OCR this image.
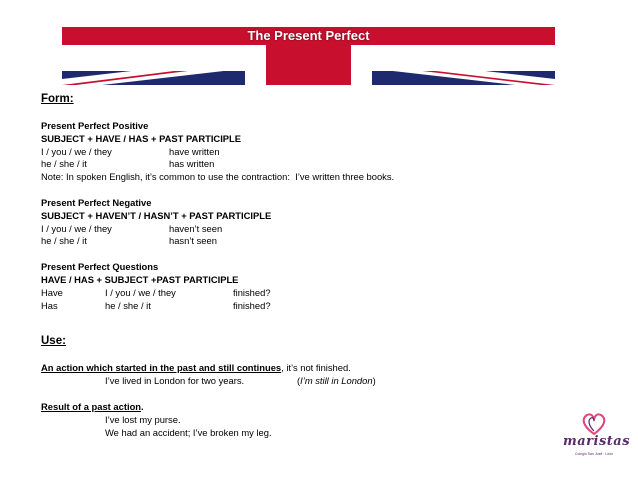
The Present Perfect
Form:
Present Perfect Positive
SUBJECT + HAVE / HAS + PAST PARTICIPLE
I / you / we / they	have written
he / she / it	has written
Note: In spoken English, it’s common to use the contraction:  I’ve written three books.
Present Perfect Negative
SUBJECT + HAVEN’T / HASN’T + PAST PARTICIPLE
I / you / we / they	haven’t seen
he / she / it	hasn’t seen
Present Perfect Questions
HAVE / HAS + SUBJECT +PAST PARTICIPLE
Have	I / you / we / they	finished?
Has	he / she / it	finished?
Use:
An action which started in the past and still continues, it’s not finished.
I’ve lived in London for two years.	(I’m still in London)
Result of a past action.
I’ve lost my purse.
We had an accident; I’ve broken my leg.
maristas
Colegio San José · León
